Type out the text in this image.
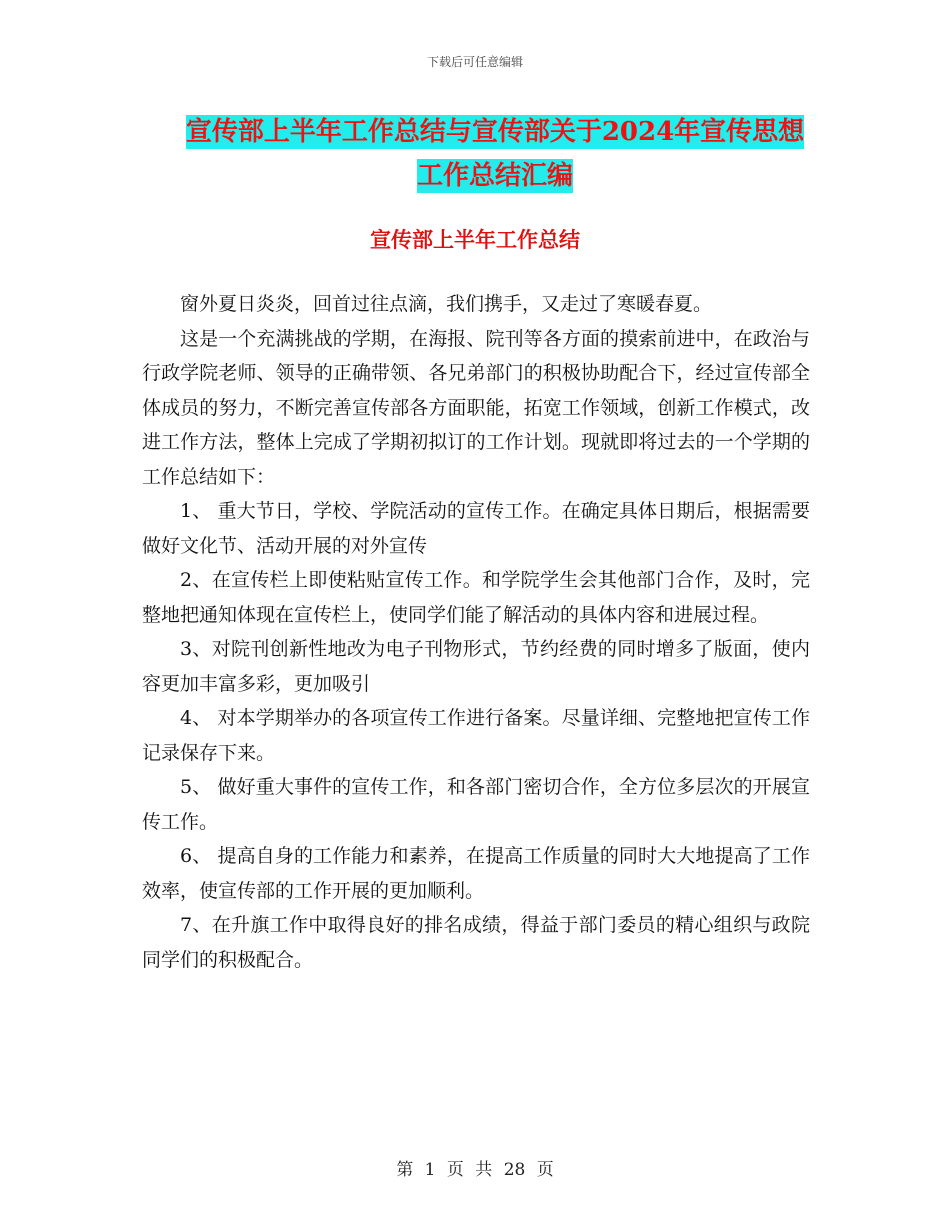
下载后可任意编辑
宣传部上半年工作总结与宣传部关于2024年宣传思想
工作总结汇编
宣传部上半年工作总结

窗外夏日炎炎，回首过往点滴，我们携手，又走过了寒暖春夏。

这是一个充满挑战的学期，在海报、院刊等各方面的摸索前进中，在政治与行政学院老师、领导的正确带领、各兄弟部门的积极协助配合下，经过宣传部全体成员的努力，不断完善宣传部各方面职能，拓宽工作领域，创新工作模式，改进工作方法，整体上完成了学期初拟订的工作计划。现就即将过去的一个学期的工作总结如下：

1、 重大节日，学校、学院活动的宣传工作。在确定具体日期后，根据需要做好文化节、活动开展的对外宣传

2、在宣传栏上即使粘贴宣传工作。和学院学生会其他部门合作，及时，完整地把通知体现在宣传栏上，使同学们能了解活动的具体内容和进展过程。

3、对院刊创新性地改为电子刊物形式，节约经费的同时增多了版面，使内容更加丰富多彩，更加吸引

4、 对本学期举办的各项宣传工作进行备案。尽量详细、完整地把宣传工作记录保存下来。

5、 做好重大事件的宣传工作，和各部门密切合作，全方位多层次的开展宣传工作。

6、 提高自身的工作能力和素养，在提高工作质量的同时大大地提高了工作效率，使宣传部的工作开展的更加顺利。

7、在升旗工作中取得良好的排名成绩，得益于部门委员的精心组织与政院同学们的积极配合。

第 1 页 共 28 页
